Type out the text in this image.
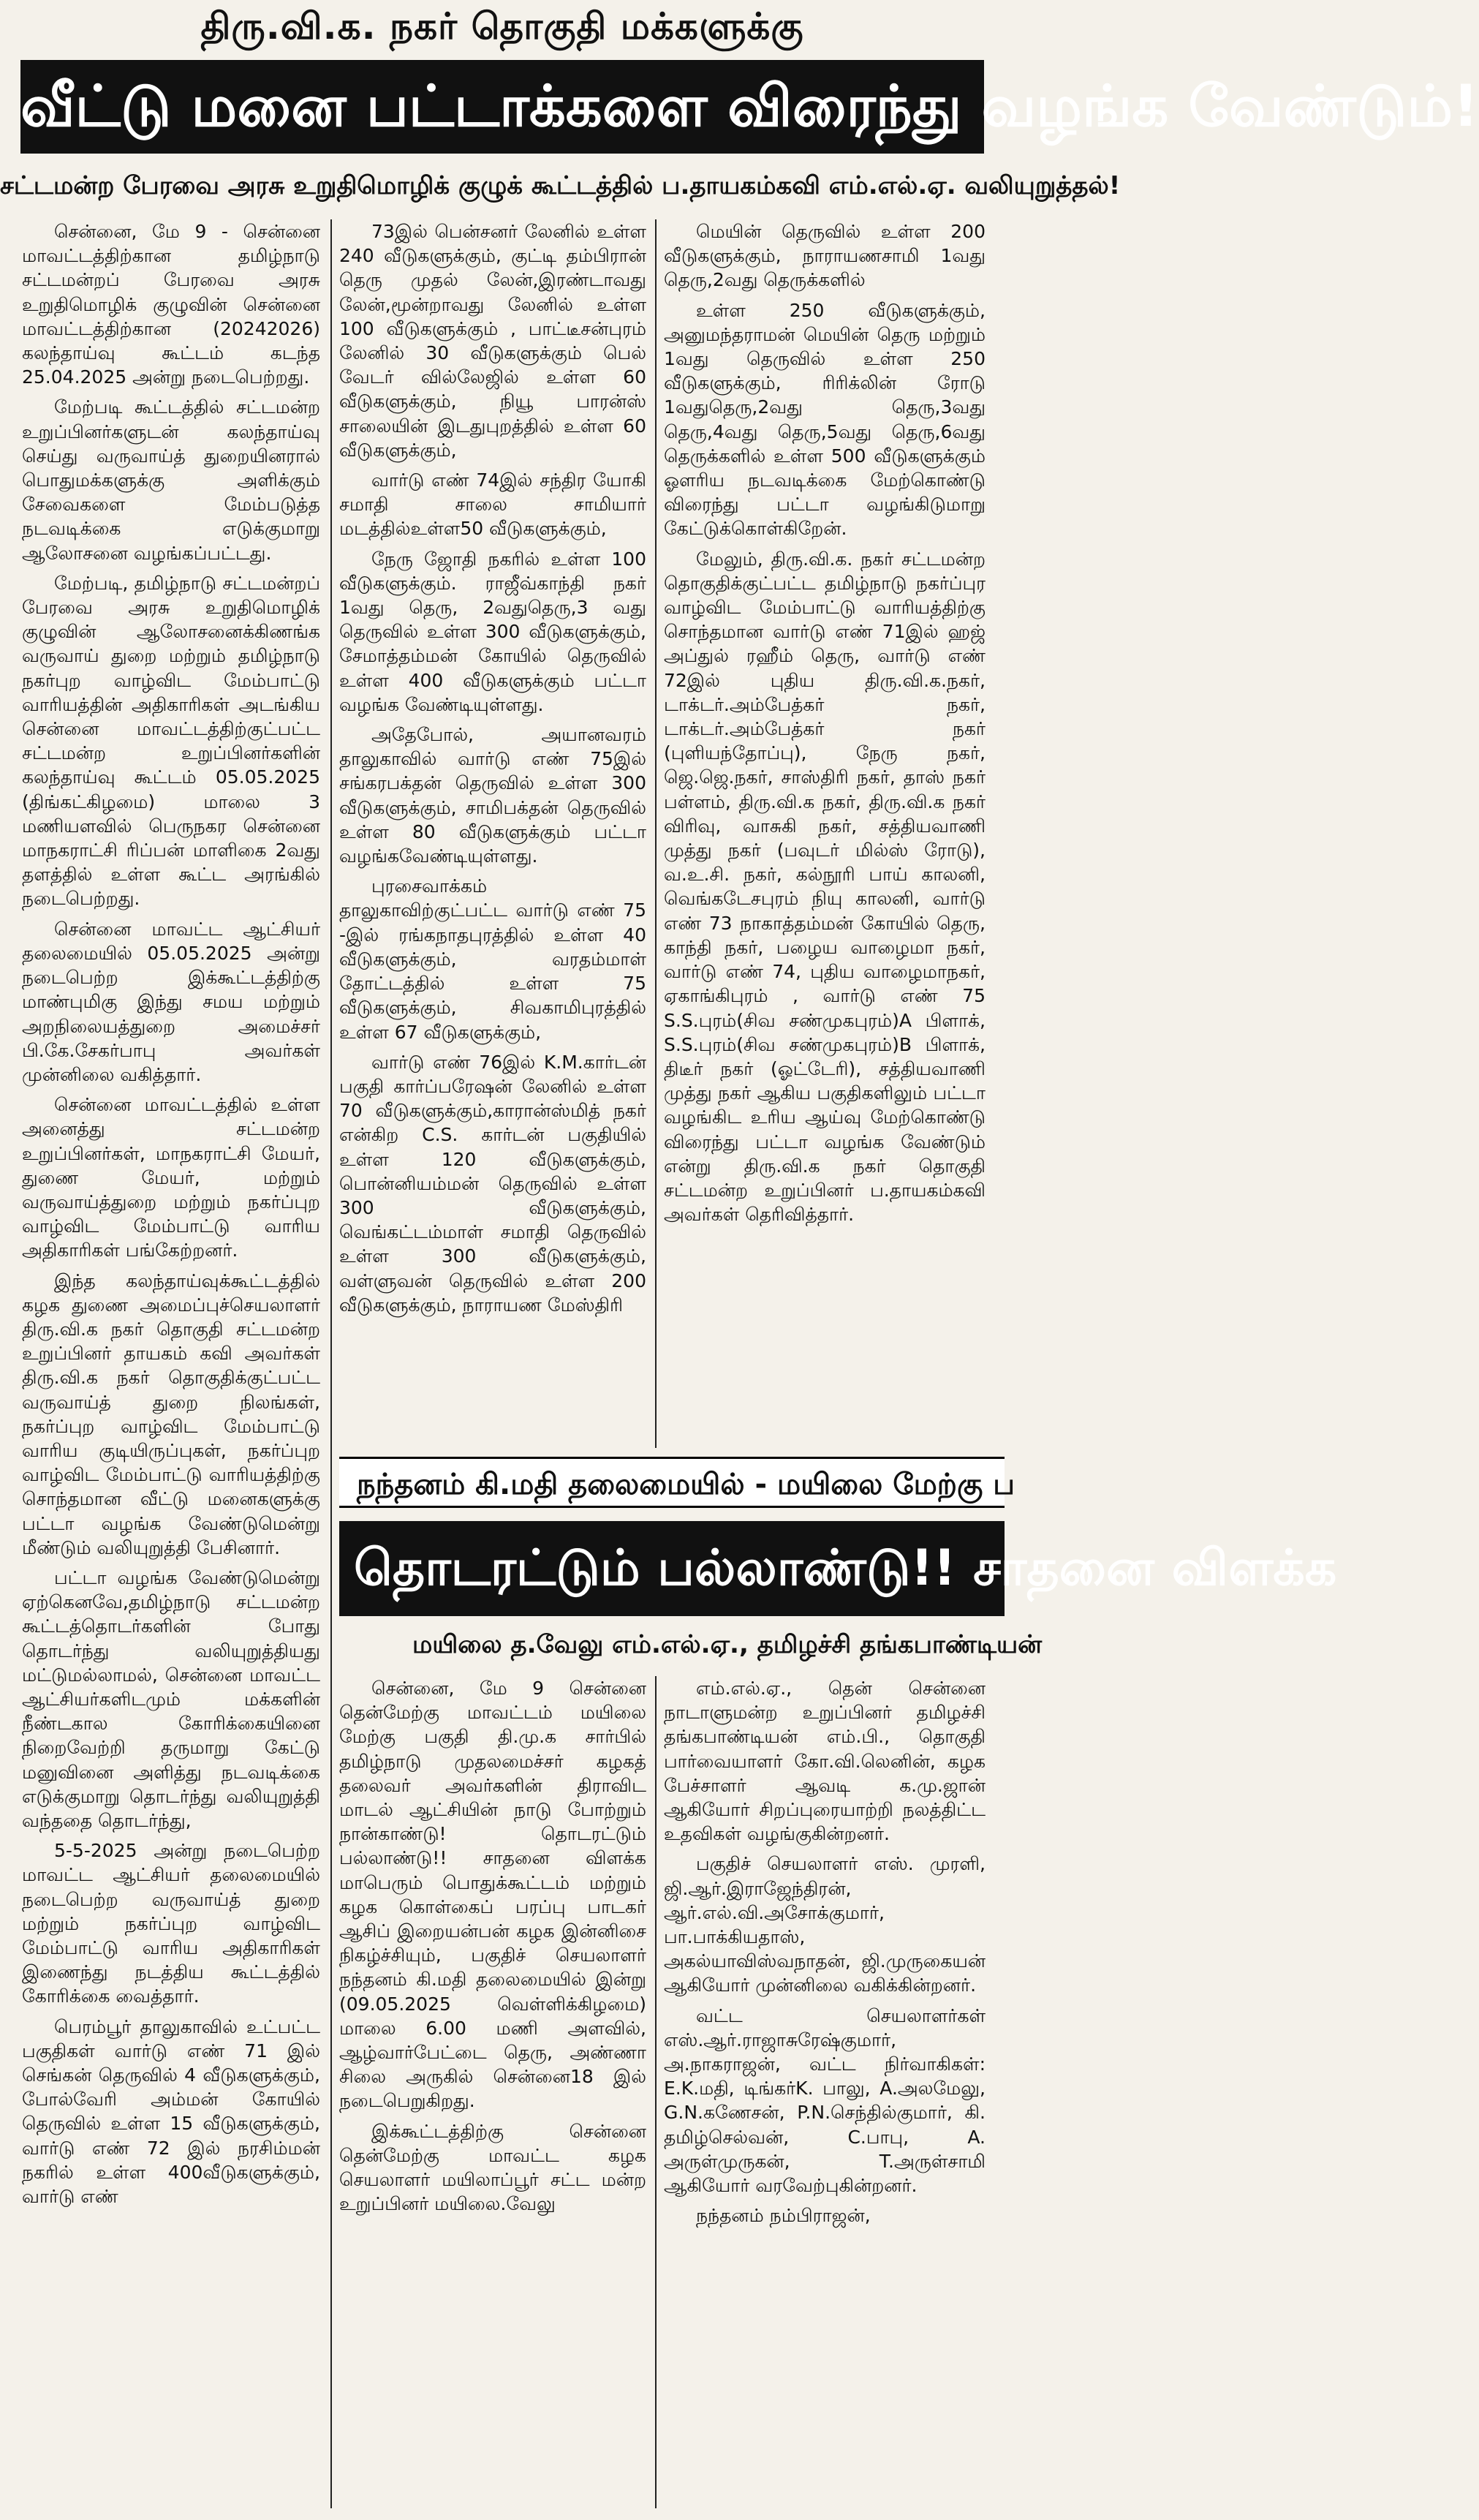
திரு.வி.க. நகர் தொகுதி மக்களுக்கு
வீட்டு மனை பட்டாக்களை விரைந்து வழங்க வேண்டும்!
சட்டமன்ற பேரவை அரசு உறுதிமொழிக் குழுக் கூட்டத்தில் ப.தாயகம்கவி எம்.எல்.ஏ. வலியுறுத்தல்!

சென்னை, மே 9 - சென்னை மாவட்டத்திற்கான தமிழ்நாடு சட்டமன்றப் பேரவை அரசு உறுதிமொழிக் குழுவின் சென்னை மாவட்டத்திற்கான (20242026) கலந்தாய்வு கூட்டம் கடந்த 25.04.2025 அன்று நடைபெற்றது.

மேற்படி கூட்டத்தில் சட்டமன்ற உறுப்பினர்களுடன் கலந்தாய்வு செய்து வருவாய்த் துறையினரால் பொதுமக்களுக்கு அளிக்கும் சேவைகளை மேம்படுத்த நடவடிக்கை எடுக்குமாறு ஆலோசனை வழங்கப்பட்டது.

மேற்படி, தமிழ்நாடு சட்டமன்றப் பேரவை அரசு உறுதிமொழிக் குழுவின் ஆலோசனைக்கிணங்க வருவாய் துறை மற்றும் தமிழ்நாடு நகர்புற வாழ்விட மேம்பாட்டு வாரியத்தின் அதிகாரிகள் அடங்கிய சென்னை மாவட்டத்திற்குட்பட்ட சட்டமன்ற உறுப்பினர்களின் கலந்தாய்வு கூட்டம் 05.05.2025 (திங்கட்கிழமை) மாலை 3 மணியளவில் பெருநகர சென்னை மாநகராட்சி ரிப்பன் மாளிகை 2வது தளத்தில் உள்ள கூட்ட அரங்கில் நடைபெற்றது.

சென்னை மாவட்ட ஆட்சியர் தலைமையில் 05.05.2025 அன்று நடைபெற்ற இக்கூட்டத்திற்கு மாண்புமிகு இந்து சமய மற்றும் அறநிலையத்துறை அமைச்சர் பி.கே.சேகர்பாபு அவர்கள் முன்னிலை வகித்தார்.

சென்னை மாவட்டத்தில் உள்ள அனைத்து சட்டமன்ற உறுப்பினர்கள், மாநகராட்சி மேயர், துணை மேயர், மற்றும் வருவாய்த்துறை மற்றும் நகர்ப்புற வாழ்விட மேம்பாட்டு வாரிய அதிகாரிகள் பங்கேற்றனர்.

இந்த கலந்தாய்வுக்கூட்டத்தில் கழக துணை அமைப்புச்செயலாளர் திரு.வி.க நகர் தொகுதி சட்டமன்ற உறுப்பினர் தாயகம் கவி அவர்கள் திரு.வி.க நகர் தொகுதிக்குட்பட்ட வருவாய்த் துறை நிலங்கள், நகர்ப்புற வாழ்விட மேம்பாட்டு வாரிய குடியிருப்புகள், நகர்ப்புற வாழ்விட மேம்பாட்டு வாரியத்திற்கு சொந்தமான வீட்டு மனைகளுக்கு பட்டா வழங்க வேண்டுமென்று மீண்டும் வலியுறுத்தி பேசினார்.

பட்டா வழங்க வேண்டுமென்று ஏற்கெனவே,தமிழ்நாடு சட்டமன்ற கூட்டத்தொடர்களின் போது தொடர்ந்து வலியுறுத்தியது மட்டுமல்லாமல், சென்னை மாவட்ட ஆட்சியர்களிடமும் மக்களின் நீண்டகால கோரிக்கையினை நிறைவேற்றி தருமாறு கேட்டு மனுவினை அளித்து நடவடிக்கை எடுக்குமாறு தொடர்ந்து வலியுறுத்தி வந்ததை தொடர்ந்து,

5-5-2025 அன்று நடைபெற்ற மாவட்ட ஆட்சியர் தலைமையில் நடைபெற்ற வருவாய்த் துறை மற்றும் நகர்ப்புற வாழ்விட மேம்பாட்டு வாரிய அதிகாரிகள் இணைந்து நடத்திய கூட்டத்தில் கோரிக்கை வைத்தார்.

பெரம்பூர் தாலுகாவில் உட்பட்ட பகுதிகள் வார்டு எண் 71 இல் செங்கன் தெருவில் 4 வீடுகளுக்கும், போல்வேரி அம்மன் கோயில் தெருவில் உள்ள 15 வீடுகளுக்கும், வார்டு எண் 72 இல் நரசிம்மன் நகரில் உள்ள 400வீடுகளுக்கும், வார்டு எண்

73இல் பென்சனர் லேனில் உள்ள 240 வீடுகளுக்கும், குட்டி தம்பிரான் தெரு முதல் லேன்,இரண்டாவது லேன்,மூன்றாவது லேனில் உள்ள 100 வீடுகளுக்கும் , பாட்டீசன்புரம் லேனில் 30 வீடுகளுக்கும் பெல் வேடர் வில்லேஜில் உள்ள 60 வீடுகளுக்கும், நியூ பாரன்ஸ் சாலையின் இடதுபுறத்தில் உள்ள 60 வீடுகளுக்கும்,

வார்டு எண் 74இல் சந்திர யோகி சமாதி சாலை சாமியார் மடத்தில்உள்ள50 வீடுகளுக்கும்,

நேரு ஜோதி நகரில் உள்ள 100 வீடுகளுக்கும். ராஜீவ்காந்தி நகர் 1வது தெரு, 2வதுதெரு,3 வது தெருவில் உள்ள 300 வீடுகளுக்கும், சேமாத்தம்மன் கோயில் தெருவில் உள்ள 400 வீடுகளுக்கும் பட்டா வழங்க வேண்டியுள்ளது.

அதேபோல், அயானவரம் தாலுகாவில் வார்டு எண் 75இல் சங்கரபக்தன் தெருவில் உள்ள 300 வீடுகளுக்கும், சாமிபக்தன் தெருவில் உள்ள 80 வீடுகளுக்கும் பட்டா வழங்கவேண்டியுள்ளது.

புரசைவாக்கம் தாலுகாவிற்குட்பட்ட வார்டு எண் 75 -இல் ரங்கநாதபுரத்தில் உள்ள 40 வீடுகளுக்கும், வரதம்மாள் தோட்டத்தில் உள்ள 75 வீடுகளுக்கும், சிவகாமிபுரத்தில் உள்ள 67 வீடுகளுக்கும்,

வார்டு எண் 76இல் K.M.கார்டன் பகுதி கார்ப்பரேஷன் லேனில் உள்ள 70 வீடுகளுக்கும்,காரான்ஸ்மித் நகர் என்கிற C.S. கார்டன் பகுதியில் உள்ள 120 வீடுகளுக்கும், பொன்னியம்மன் தெருவில் உள்ள 300 வீடுகளுக்கும், வெங்கட்டம்மாள் சமாதி தெருவில் உள்ள 300 வீடுகளுக்கும், வள்ளுவன் தெருவில் உள்ள 200 வீடுகளுக்கும், நாராயண மேஸ்திரி

மெயின் தெருவில் உள்ள 200 வீடுகளுக்கும், நாராயணசாமி 1வது தெரு,2வது தெருக்களில்

உள்ள 250 வீடுகளுக்கும், அனுமந்தராமன் மெயின் தெரு மற்றும் 1வது தெருவில் உள்ள 250 வீடுகளுக்கும், ரிரிக்லின் ரோடு 1வதுதெரு,2வது தெரு,3வது தெரு,4வது தெரு,5வது தெரு,6வது தெருக்களில் உள்ள 500 வீடுகளுக்கும் ஓளரிய நடவடிக்கை மேற்கொண்டு விரைந்து பட்டா வழங்கிடுமாறு கேட்டுக்கொள்கிறேன்.

மேலும், திரு.வி.க. நகர் சட்டமன்ற தொகுதிக்குட்பட்ட தமிழ்நாடு நகர்ப்புர வாழ்விட மேம்பாட்டு வாரியத்திற்கு சொந்தமான வார்டு எண் 71இல் ஹஜ் அப்துல் ரஹீம் தெரு, வார்டு எண் 72இல் புதிய திரு.வி.க.நகர், டாக்டர்.அம்பேத்கர் நகர், டாக்டர்.அம்பேத்கர் நகர் (புளியந்தோப்பு), நேரு நகர், ஜெ.ஜெ.நகர், சாஸ்திரி நகர், தாஸ் நகர் பள்ளம், திரு.வி.க நகர், திரு.வி.க நகர் விரிவு, வாசுகி நகர், சத்தியவாணி முத்து நகர் (பவுடர் மில்ஸ் ரோடு), வ.உ.சி. நகர், கல்நூரி பாய் காலனி, வெங்கடேசபுரம் நியு காலனி, வார்டு எண் 73 நாகாத்தம்மன் கோயில் தெரு, காந்தி நகர், பழைய வாழைமா நகர், வார்டு எண் 74, புதிய வாழைமாநகர், ஏகாங்கிபுரம் , வார்டு எண் 75 S.S.புரம்(சிவ சண்முகபுரம்)A பிளாக், S.S.புரம்(சிவ சண்முகபுரம்)B பிளாக், திடீர் நகர் (ஓட்டேரி), சத்தியவாணி முத்து நகர் ஆகிய பகுதிகளிலும் பட்டா வழங்கிட உரிய ஆய்வு மேற்கொண்டு விரைந்து பட்டா வழங்க வேண்டும் என்று திரு.வி.க நகர் தொகுதி சட்டமன்ற உறுப்பினர் ப.தாயகம்கவி அவர்கள் தெரிவித்தார்.

நந்தனம் கி.மதி தலைமையில் - மயிலை மேற்கு ப
தொடரட்டும் பல்லாண்டு!! சாதனை விளக்க
மயிலை த.வேலு எம்.எல்.ஏ., தமிழச்சி தங்கபாண்டியன்

சென்னை, மே 9 சென்னை தென்மேற்கு மாவட்டம் மயிலை மேற்கு பகுதி தி.மு.க சார்பில் தமிழ்நாடு முதலமைச்சர் கழகத் தலைவர் அவர்களின் திராவிட மாடல் ஆட்சியின் நாடு போற்றும் நான்காண்டு! தொடரட்டும் பல்லாண்டு!! சாதனை விளக்க மாபெரும் பொதுக்கூட்டம் மற்றும் கழக கொள்கைப் பரப்பு பாடகர் ஆசிப் இறையன்பன் கழக இன்னிசை நிகழ்ச்சியும், பகுதிச் செயலாளர் நந்தனம் கி.மதி தலைமையில் இன்று (09.05.2025 வெள்ளிக்கிழமை) மாலை 6.00 மணி அளவில், ஆழ்வார்பேட்டை தெரு, அண்ணா சிலை அருகில் சென்னை18 இல் நடைபெறுகிறது.

இக்கூட்டத்திற்கு சென்னை தென்மேற்கு மாவட்ட கழக செயலாளர் மயிலாப்பூர் சட்ட மன்ற உறுப்பினர் மயிலை.வேலு

எம்.எல்.ஏ., தென் சென்னை நாடாளுமன்ற உறுப்பினர் தமிழச்சி தங்கபாண்டியன் எம்.பி., தொகுதி பார்வையாளர் கோ.வி.லெனின், கழக பேச்சாளர் ஆவடி க.மு.ஜான் ஆகியோர் சிறப்புரையாற்றி நலத்திட்ட உதவிகள் வழங்குகின்றனர்.

பகுதிச் செயலாளர் எஸ். முரளி, ஜி.ஆர்.இராஜேந்திரன், ஆர்.எல்.வி.அசோக்குமார், பா.பாக்கியதாஸ், அகல்யாவிஸ்வநாதன், ஜி.முருகையன் ஆகியோர் முன்னிலை வகிக்கின்றனர்.

வட்ட செயலாளர்கள் எஸ்.ஆர்.ராஜாசுரேஷ்குமார், அ.நாகராஜன், வட்ட நிர்வாகிகள்: E.K.மதி, டிங்கர்K. பாலு, A.அலமேலு, G.N.கணேசன், P.N.செந்தில்குமார், கி. தமிழ்செல்வன், C.பாபு, A. அருள்முருகன், T.அருள்சாமி ஆகியோர் வரவேற்புகின்றனர்.

நந்தனம் நம்பிராஜன்,
